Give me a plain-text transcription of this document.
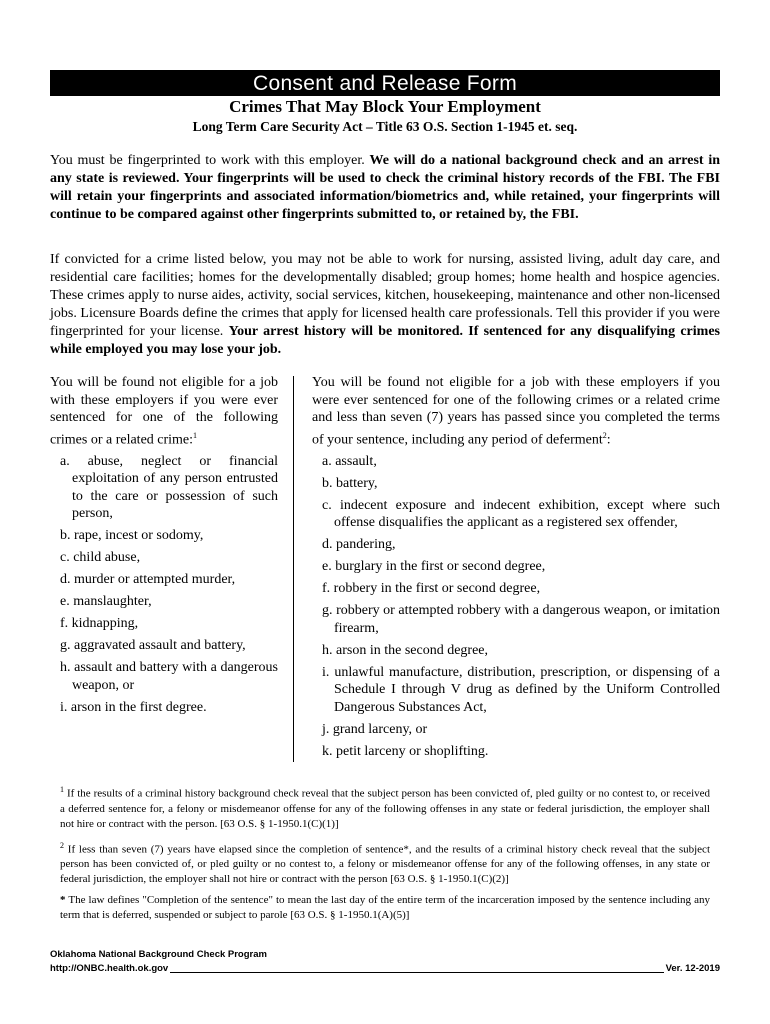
Consent and Release Form
Crimes That May Block Your Employment
Long Term Care Security Act – Title 63 O.S. Section 1-1945 et. seq.
You must be fingerprinted to work with this employer. We will do a national background check and an arrest in any state is reviewed. Your fingerprints will be used to check the criminal history records of the FBI. The FBI will retain your fingerprints and associated information/biometrics and, while retained, your fingerprints will continue to be compared against other fingerprints submitted to, or retained by, the FBI.
If convicted for a crime listed below, you may not be able to work for nursing, assisted living, adult day care, and residential care facilities; homes for the developmentally disabled; group homes; home health and hospice agencies. These crimes apply to nurse aides, activity, social services, kitchen, housekeeping, maintenance and other non-licensed jobs. Licensure Boards define the crimes that apply for licensed health care professionals. Tell this provider if you were fingerprinted for your license. Your arrest history will be monitored. If sentenced for any disqualifying crimes while employed you may lose your job.

You will be found not eligible for a job with these employers if you were ever sentenced for one of the following crimes or a related crime:$^1$

a. abuse, neglect or financial exploitation of any person entrusted to the care or possession of such person,
b. rape, incest or sodomy,
c. child abuse,
d. murder or attempted murder,
e. manslaughter,
f. kidnapping,
g. aggravated assault and battery,
h. assault and battery with a dangerous weapon, or
i. arson in the first degree.

You will be found not eligible for a job with these employers if you were ever sentenced for one of the following crimes or a related crime and less than seven (7) years has passed since you completed the terms of your sentence, including any period of deferment$^2$:

a. assault,
b. battery,
c. indecent exposure and indecent exhibition, except where such offense disqualifies the applicant as a registered sex offender,
d. pandering,
e. burglary in the first or second degree,
f. robbery in the first or second degree,
g. robbery or attempted robbery with a dangerous weapon, or imitation firearm,
h. arson in the second degree,
i. unlawful manufacture, distribution, prescription, or dispensing of a Schedule I through V drug as defined by the Uniform Controlled Dangerous Substances Act,
j. grand larceny, or
k. petit larceny or shoplifting.

$^1$ If the results of a criminal history background check reveal that the subject person has been convicted of, pled guilty or no contest to, or received a deferred sentence for, a felony or misdemeanor offense for any of the following offenses in any state or federal jurisdiction, the employer shall not hire or contract with the person. [63 O.S. § 1-1950.1(C)(1)]

$^2$ If less than seven (7) years have elapsed since the completion of sentence*, and the results of a criminal history check reveal that the subject person has been convicted of, or pled guilty or no contest to, a felony or misdemeanor offense for any of the following offenses, in any state or federal jurisdiction, the employer shall not hire or contract with the person [63 O.S. § 1-1950.1(C)(2)]

* The law defines "Completion of the sentence" to mean the last day of the entire term of the incarceration imposed by the sentence including any term that is deferred, suspended or subject to parole [63 O.S. § 1-1950.1(A)(5)]

Oklahoma National Background Check Program
http://ONBC.health.ok.gov	Ver. 12-2019
